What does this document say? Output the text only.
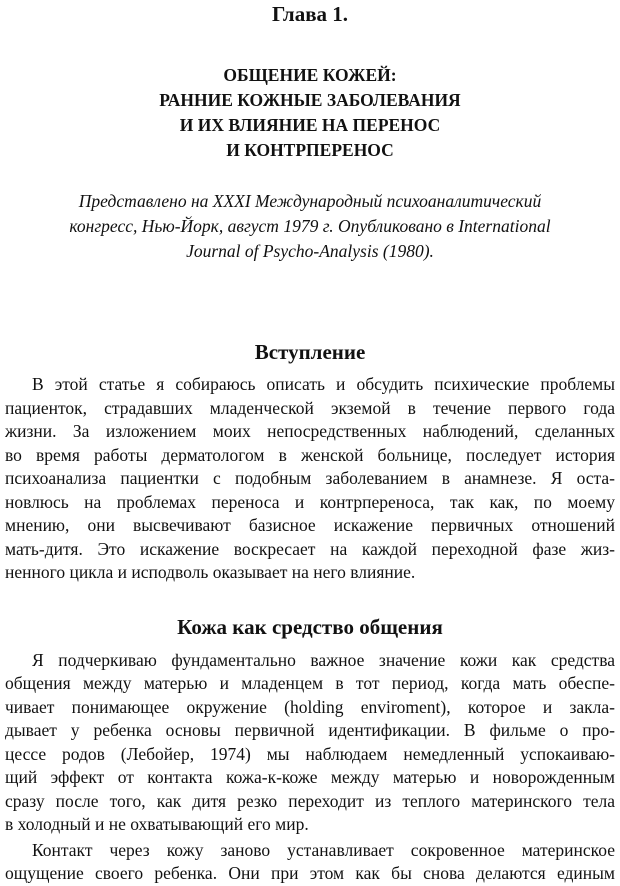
Глава 1.
ОБЩЕНИЕ КОЖЕЙ:
РАННИЕ КОЖНЫЕ ЗАБОЛЕВАНИЯ
И ИХ ВЛИЯНИЕ НА ПЕРЕНОС
И КОНТРПЕРЕНОС
Представлено на XXXI Международный психоаналитический
конгресс, Нью-Йорк, август 1979 г. Опубликовано в International
Journal of Psycho-Analysis (1980).
Вступление
В этой статье я собираюсь описать и обсудить психические проблемы
пациенток, страдавших младенческой экземой в течение первого года
жизни. За изложением моих непосредственных наблюдений, сделанных
во время работы дерматологом в женской больнице, последует история
психоанализа пациентки с подобным заболеванием в анамнезе. Я оста-
новлюсь на проблемах переноса и контрпереноса, так как, по моему
мнению, они высвечивают базисное искажение первичных отношений
мать-дитя. Это искажение воскресает на каждой переходной фазе жиз-
ненного цикла и исподволь оказывает на него влияние.
Кожа как средство общения
Я подчеркиваю фундаментально важное значение кожи как средства
общения между матерью и младенцем в тот период, когда мать обеспе-
чивает понимающее окружение (holding enviroment), которое и закла-
дывает у ребенка основы первичной идентификации. В фильме о про-
цессе родов (Лебойер, 1974) мы наблюдаем немедленный успокаиваю-
щий эффект от контакта кожа-к-коже между матерью и новорожденным
сразу после того, как дитя резко переходит из теплого материнского тела
в холодный и не охватывающий его мир.
Контакт через кожу заново устанавливает сокровенное материнское
ощущение своего ребенка. Они при этом как бы снова делаются единым
